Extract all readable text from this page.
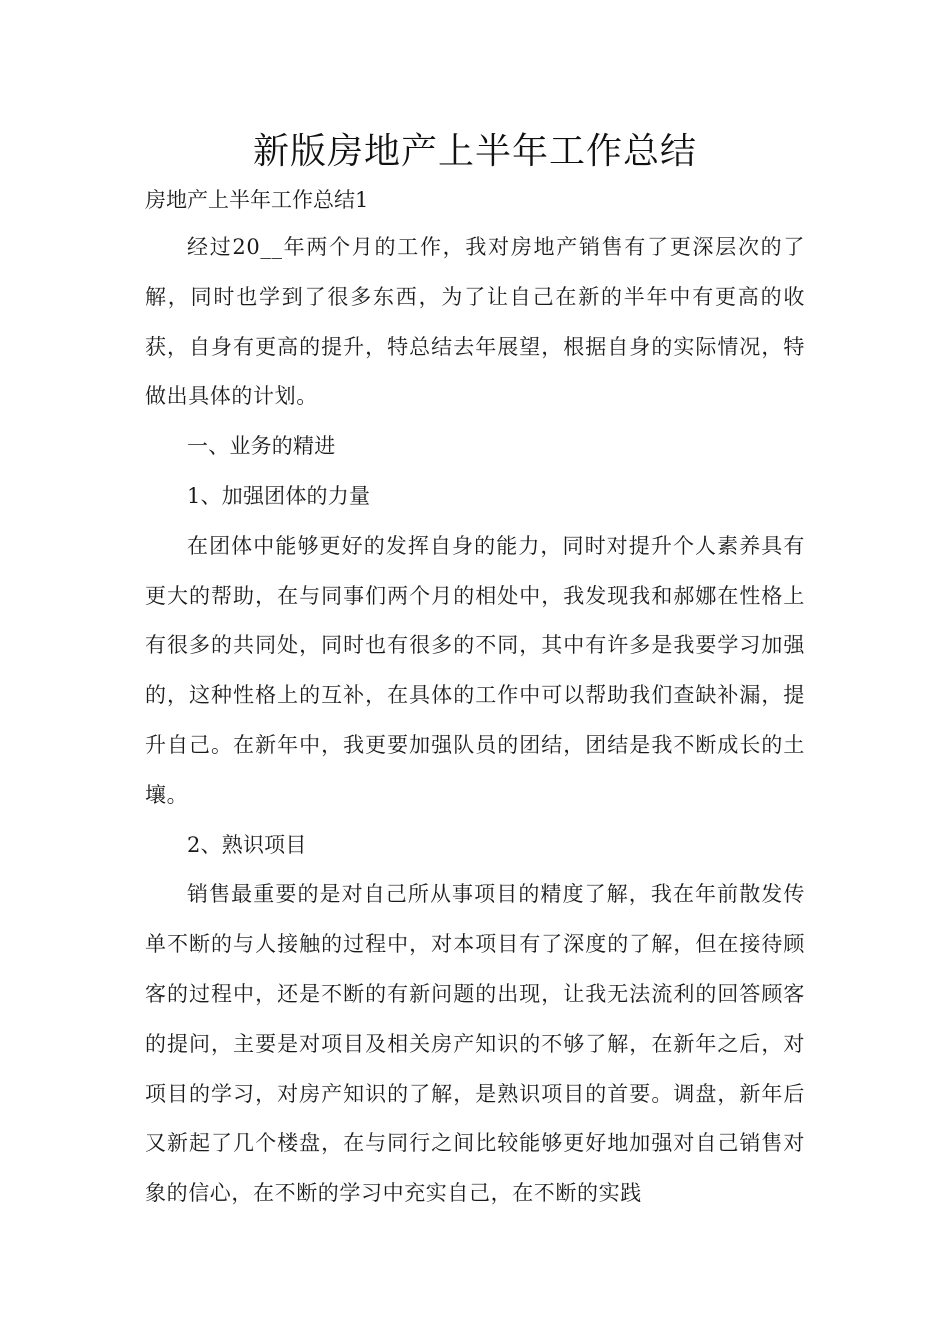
新版房地产上半年工作总结
房地产上半年工作总结1

经过20__年两个月的工作，我对房地产销售有了更深层次的了解，同时也学到了很多东西，为了让自己在新的半年中有更高的收获，自身有更高的提升，特总结去年展望，根据自身的实际情况，特做出具体的计划。

一、业务的精进

1、加强团体的力量

在团体中能够更好的发挥自身的能力，同时对提升个人素养具有更大的帮助，在与同事们两个月的相处中，我发现我和郝娜在性格上有很多的共同处，同时也有很多的不同，其中有许多是我要学习加强的，这种性格上的互补，在具体的工作中可以帮助我们查缺补漏，提升自己。在新年中，我更要加强队员的团结，团结是我不断成长的土壤。

2、熟识项目

销售最重要的是对自己所从事项目的精度了解，我在年前散发传单不断的与人接触的过程中，对本项目有了深度的了解，但在接待顾客的过程中，还是不断的有新问题的出现，让我无法流利的回答顾客的提问，主要是对项目及相关房产知识的不够了解，在新年之后，对项目的学习，对房产知识的了解，是熟识项目的首要。调盘，新年后又新起了几个楼盘，在与同行之间比较能够更好地加强对自己销售对象的信心，在不断的学习中充实自己，在不断的实践
